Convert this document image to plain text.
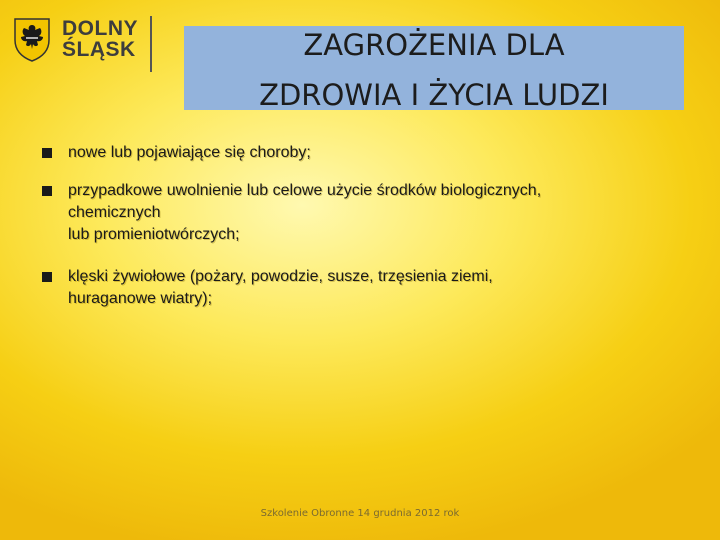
DOLNY
ŚLĄSK	ZAGROŻENIA DLA
ZDROWIA I ŻYCIA LUDZI
nowe lub pojawiające się choroby;
przypadkowe uwolnienie lub celowe użycie środków biologicznych,
chemicznych
lub promieniotwórczych;
klęski żywiołowe (pożary, powodzie, susze, trzęsienia ziemi,
huraganowe wiatry);
Szkolenie Obronne 14 grudnia 2012 rok
